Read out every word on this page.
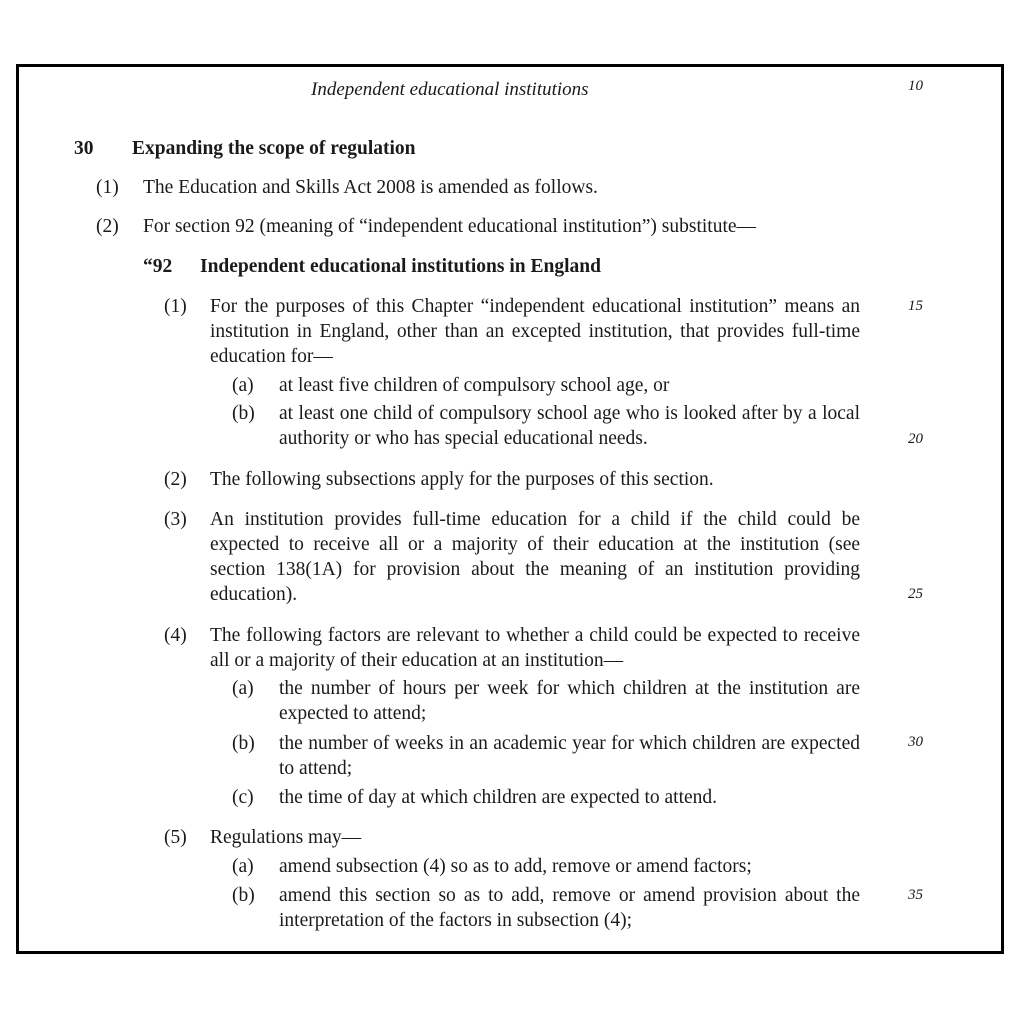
Independent educational institutions	10
30 Expanding the scope of regulation
(1) The Education and Skills Act 2008 is amended as follows.
(2) For section 92 (meaning of “independent educational institution”) substitute—
“92 Independent educational institutions in England
(1) For the purposes of this Chapter “independent educational institution” means an institution in England, other than an excepted institution, that provides full-time education for—
(a) at least five children of compulsory school age, or
(b) at least one child of compulsory school age who is looked after by a local authority or who has special educational needs.
(2) The following subsections apply for the purposes of this section.
(3) An institution provides full-time education for a child if the child could be expected to receive all or a majority of their education at the institution (see section 138(1A) for provision about the meaning of an institution providing education).
(4) The following factors are relevant to whether a child could be expected to receive all or a majority of their education at an institution—
(a) the number of hours per week for which children at the institution are expected to attend;
(b) the number of weeks in an academic year for which children are expected to attend;
(c) the time of day at which children are expected to attend.
(5) Regulations may—
(a) amend subsection (4) so as to add, remove or amend factors;
(b) amend this section so as to add, remove or amend provision about the interpretation of the factors in subsection (4);
15
20
25
30
35
